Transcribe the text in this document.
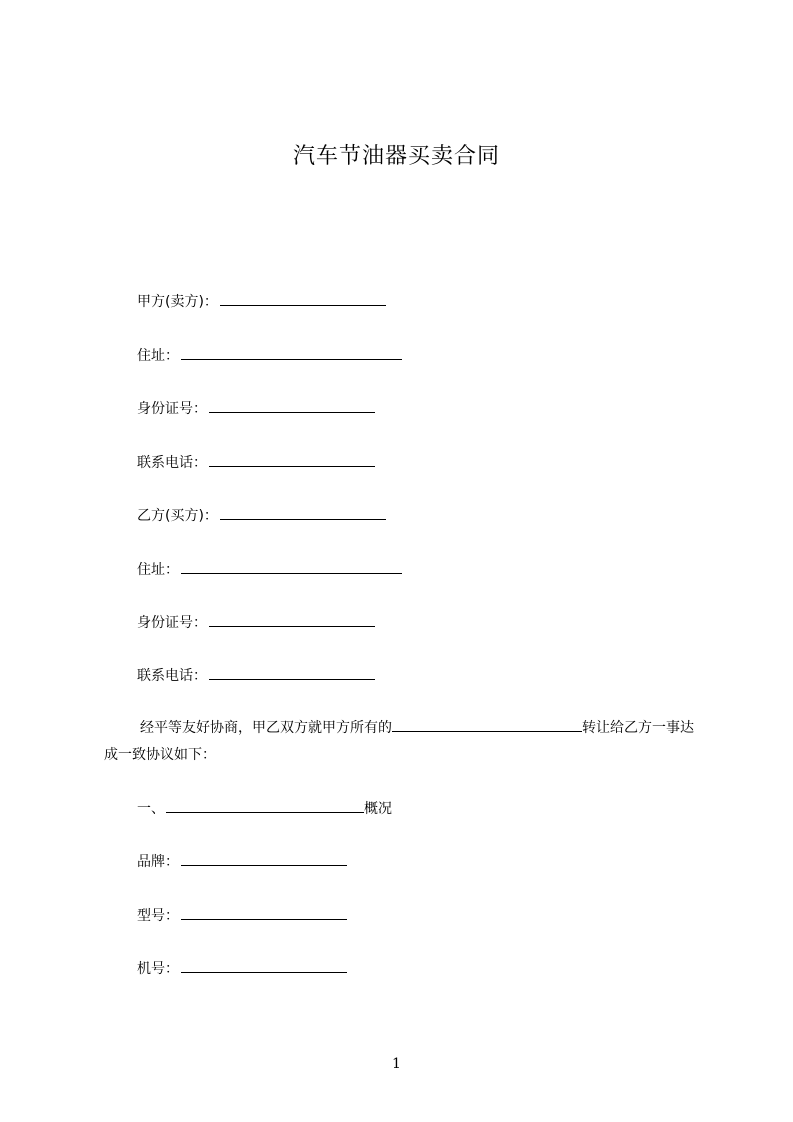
汽车节油器买卖合同
甲方(卖方)：
住址：
身份证号：
联系电话：
乙方(买方)：
住址：
身份证号：
联系电话：
经平等友好协商，甲乙双方就甲方所有的	转让给乙方一事达成一致协议如下：
一、	概况
品牌：
型号：
机号：
1
